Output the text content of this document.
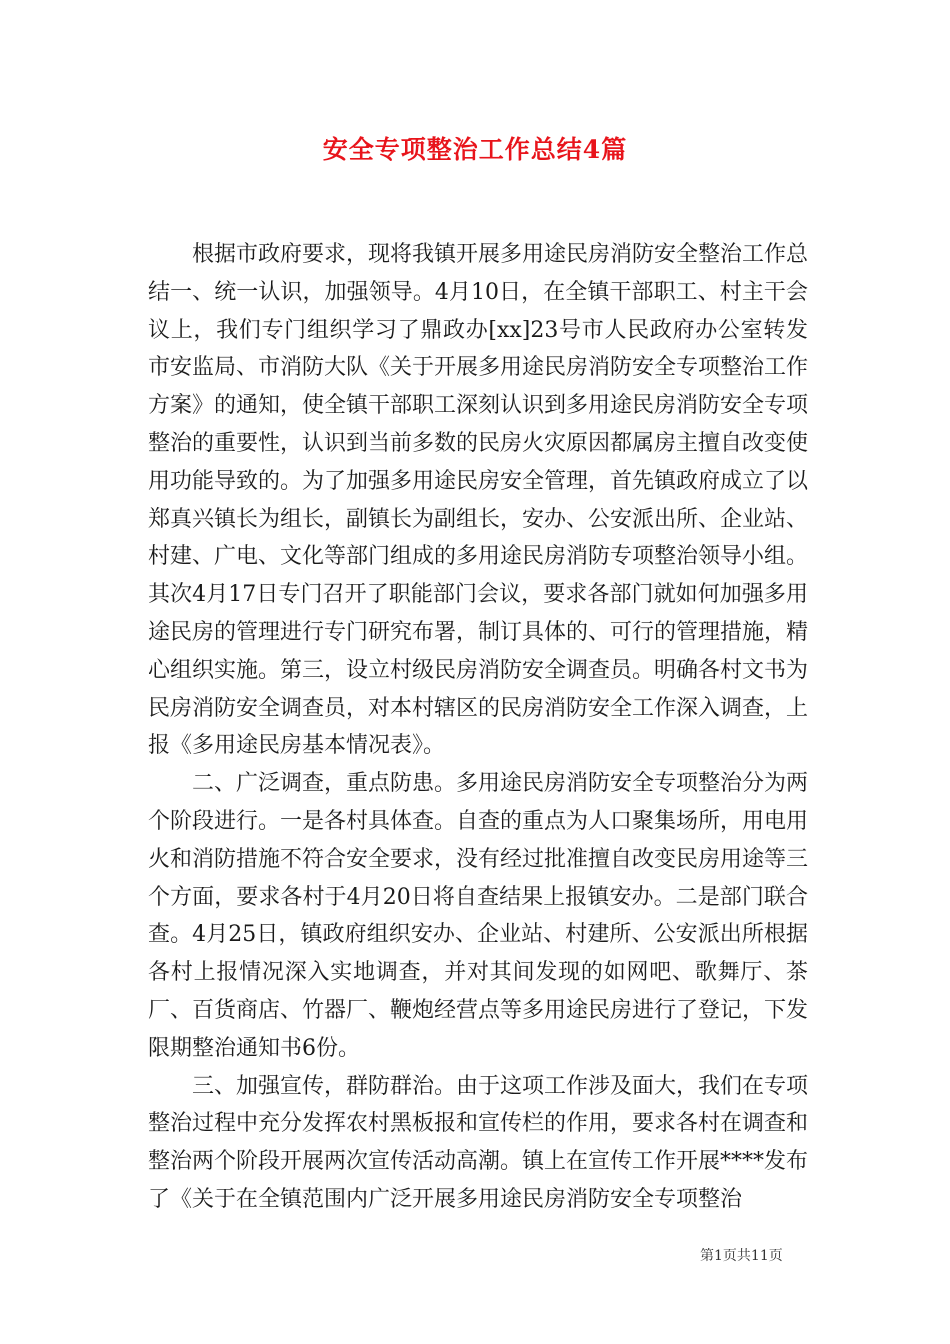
安全专项整治工作总结4篇

根据市政府要求，现将我镇开展多用途民房消防安全整治工作总结一、统一认识，加强领导。4月10日，在全镇干部职工、村主干会议上，我们专门组织学习了鼎政办[xx]23号市人民政府办公室转发市安监局、市消防大队《关于开展多用途民房消防安全专项整治工作方案》的通知，使全镇干部职工深刻认识到多用途民房消防安全专项整治的重要性，认识到当前多数的民房火灾原因都属房主擅自改变使用功能导致的。为了加强多用途民房安全管理，首先镇政府成立了以郑真兴镇长为组长，副镇长为副组长，安办、公安派出所、企业站、村建、广电、文化等部门组成的多用途民房消防专项整治领导小组。其次4月17日专门召开了职能部门会议，要求各部门就如何加强多用途民房的管理进行专门研究布署，制订具体的、可行的管理措施，精心组织实施。第三，设立村级民房消防安全调查员。明确各村文书为民房消防安全调查员，对本村辖区的民房消防安全工作深入调查，上报《多用途民房基本情况表》。

二、广泛调查，重点防患。多用途民房消防安全专项整治分为两个阶段进行。一是各村具体查。自查的重点为人口聚集场所，用电用火和消防措施不符合安全要求，没有经过批准擅自改变民房用途等三个方面，要求各村于4月20日将自查结果上报镇安办。二是部门联合查。4月25日，镇政府组织安办、企业站、村建所、公安派出所根据各村上报情况深入实地调查，并对其间发现的如网吧、歌舞厅、茶厂、百货商店、竹器厂、鞭炮经营点等多用途民房进行了登记，下发限期整治通知书6份。

三、加强宣传，群防群治。由于这项工作涉及面大，我们在专项整治过程中充分发挥农村黑板报和宣传栏的作用，要求各村在调查和整治两个阶段开展两次宣传活动高潮。镇上在宣传工作开展****发布了《关于在全镇范围内广泛开展多用途民房消防安全专项整治

第1页共11页
